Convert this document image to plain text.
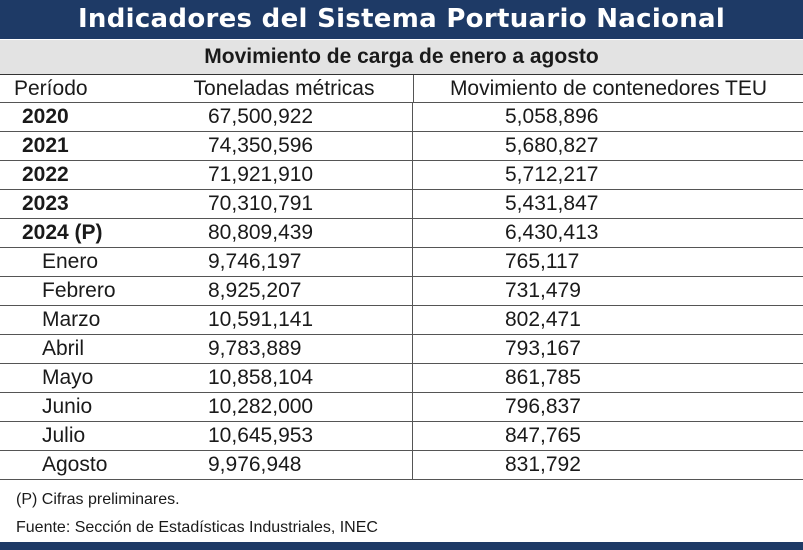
Indicadores del Sistema Portuario Nacional
Movimiento de carga de enero a agosto
Período	Toneladas métricas	Movimiento de contenedores TEU
2020	67,500,922	5,058,896
2021	74,350,596	5,680,827
2022	71,921,910	5,712,217
2023	70,310,791	5,431,847
2024 (P)	80,809,439	6,430,413
Enero	9,746,197	765,117
Febrero	8,925,207	731,479
Marzo	10,591,141	802,471
Abril	9,783,889	793,167
Mayo	10,858,104	861,785
Junio	10,282,000	796,837
Julio	10,645,953	847,765
Agosto	9,976,948	831,792
(P) Cifras preliminares.
Fuente: Sección de Estadísticas Industriales, INEC
